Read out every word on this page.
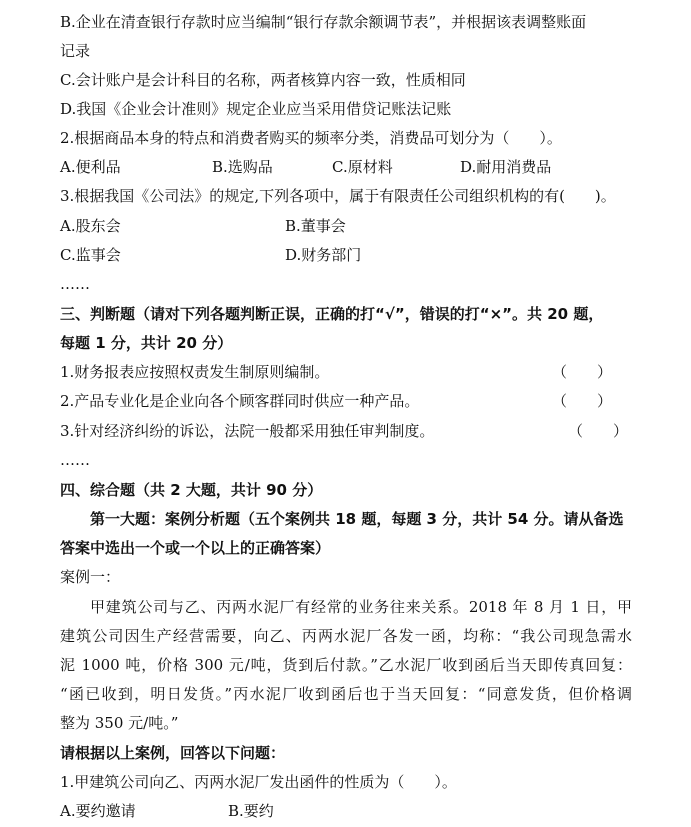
B.企业在清查银行存款时应当编制“银行存款余额调节表”，并根据该表调整账面
记录
C.会计账户是会计科目的名称，两者核算内容一致，性质相同
D.我国《企业会计准则》规定企业应当采用借贷记账法记账
2.根据商品本身的特点和消费者购买的频率分类，消费品可划分为（　　）。
A.便利品	B.选购品	C.原材料	D.耐用消费品
3.根据我国《公司法》的规定,下列各项中，属于有限责任公司组织机构的有(　　)。
A.股东会	B.董事会
C.监事会	D.财务部门
……
三、判断题（请对下列各题判断正误，正确的打“√”，错误的打“×”。共 20 题，
每题 1 分，共计 20 分）
1.财务报表应按照权责发生制原则编制。	（　　）
2.产品专业化是企业向各个顾客群同时供应一种产品。	（　　）
3.针对经济纠纷的诉讼，法院一般都采用独任审判制度。	（　　）
……
四、综合题（共 2 大题，共计 90 分）
第一大题：案例分析题（五个案例共 18 题，每题 3 分，共计 54 分。请从备选
答案中选出一个或一个以上的正确答案）
案例一：
甲建筑公司与乙、丙两水泥厂有经常的业务往来关系。2018 年 8 月 1 日，甲
建筑公司因生产经营需要，向乙、丙两水泥厂各发一函，均称：“我公司现急需水
泥 1000 吨，价格 300 元/吨，货到后付款。”乙水泥厂收到函后当天即传真回复：
“函已收到，明日发货。”丙水泥厂收到函后也于当天回复：“同意发货，但价格调
整为 350 元/吨。”
请根据以上案例，回答以下问题：
1.甲建筑公司向乙、丙两水泥厂发出函件的性质为（　　）。
A.要约邀请	B.要约
